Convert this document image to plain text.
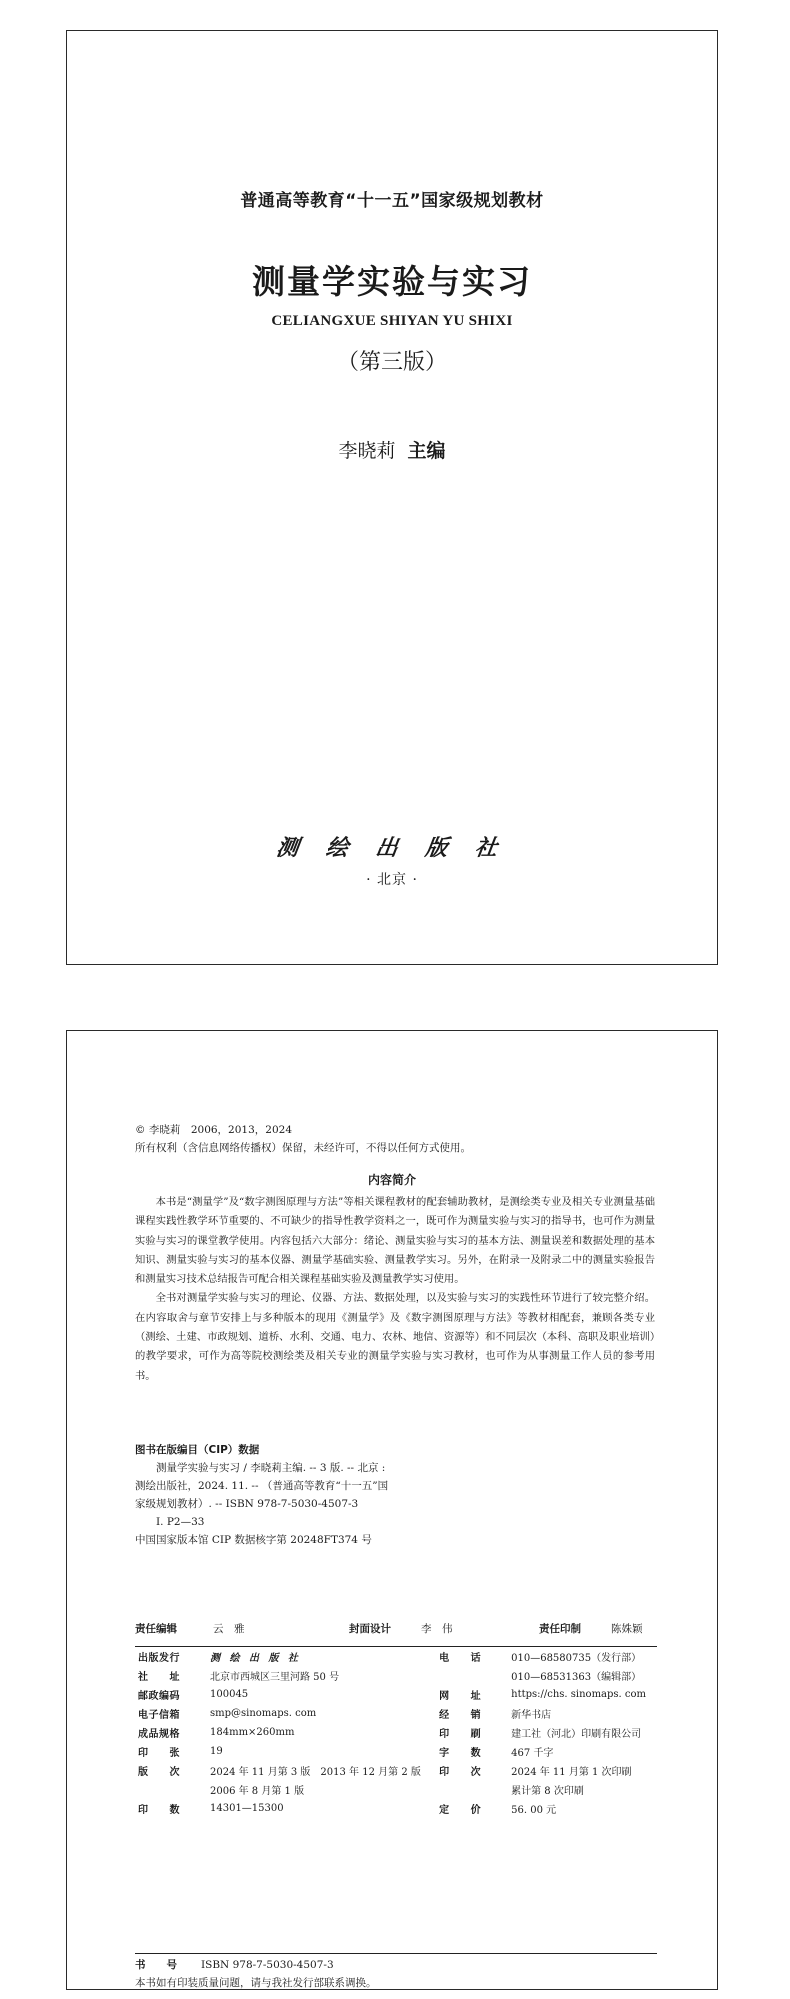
普通高等教育“十一五”国家级规划教材
测量学实验与实习
CELIANGXUE SHIYAN YU SHIXI
（第三版）
李晓莉 主编
测 绘 出 版 社
· 北京 ·
© 李晓莉　2006，2013，2024
所有权利（含信息网络传播权）保留，未经许可，不得以任何方式使用。
内容简介

本书是“测量学”及“数字测图原理与方法”等相关课程教材的配套辅助教材，是测绘类专业及相关专业测量基础课程实践性教学环节重要的、不可缺少的指导性教学资料之一，既可作为测量实验与实习的指导书，也可作为测量实验与实习的课堂教学使用。内容包括六大部分：绪论、测量实验与实习的基本方法、测量误差和数据处理的基本知识、测量实验与实习的基本仪器、测量学基础实验、测量教学实习。另外，在附录一及附录二中的测量实验报告和测量实习技术总结报告可配合相关课程基础实验及测量教学实习使用。

全书对测量学实验与实习的理论、仪器、方法、数据处理，以及实验与实习的实践性环节进行了较完整介绍。在内容取舍与章节安排上与多种版本的现用《测量学》及《数字测图原理与方法》等教材相配套，兼顾各类专业（测绘、土建、市政规划、道桥、水利、交通、电力、农林、地信、资源等）和不同层次（本科、高职及职业培训）的教学要求，可作为高等院校测绘类及相关专业的测量学实验与实习教材，也可作为从事测量工作人员的参考用书。

图书在版编目（CIP）数据
测量学实验与实习 / 李晓莉主编. -- 3 版. -- 北京 :
测绘出版社，2024. 11. -- （普通高等教育“十一五”国
家级规划教材）. -- ISBN 978-7-5030-4507-3
Ⅰ. P2—33
中国国家版本馆 CIP 数据核字第 20248FT374 号
责任编辑	云　雅	封面设计	李　伟	责任印制	陈姝颖
出版发行	测 绘 出 版 社	电　　话	010—68580735（发行部）
社　　址	北京市西城区三里河路 50 号		010—68531363（编辑部）
邮政编码	100045	网　　址	https://chs. sinomaps. com
电子信箱	smp@sinomaps. com	经　　销	新华书店
成品规格	184mm×260mm	印　　刷	建工社（河北）印刷有限公司
印　　张	19	字　　数	467 千字
版　　次	2024 年 11 月第 3 版　2013 年 12 月第 2 版	印　　次	2024 年 11 月第 1 次印刷
	2006 年 8 月第 1 版		累计第 8 次印刷
印　　数	14301—15300	定　　价	56. 00 元
书　　号 ISBN 978-7-5030-4507-3
本书如有印装质量问题，请与我社发行部联系调换。
